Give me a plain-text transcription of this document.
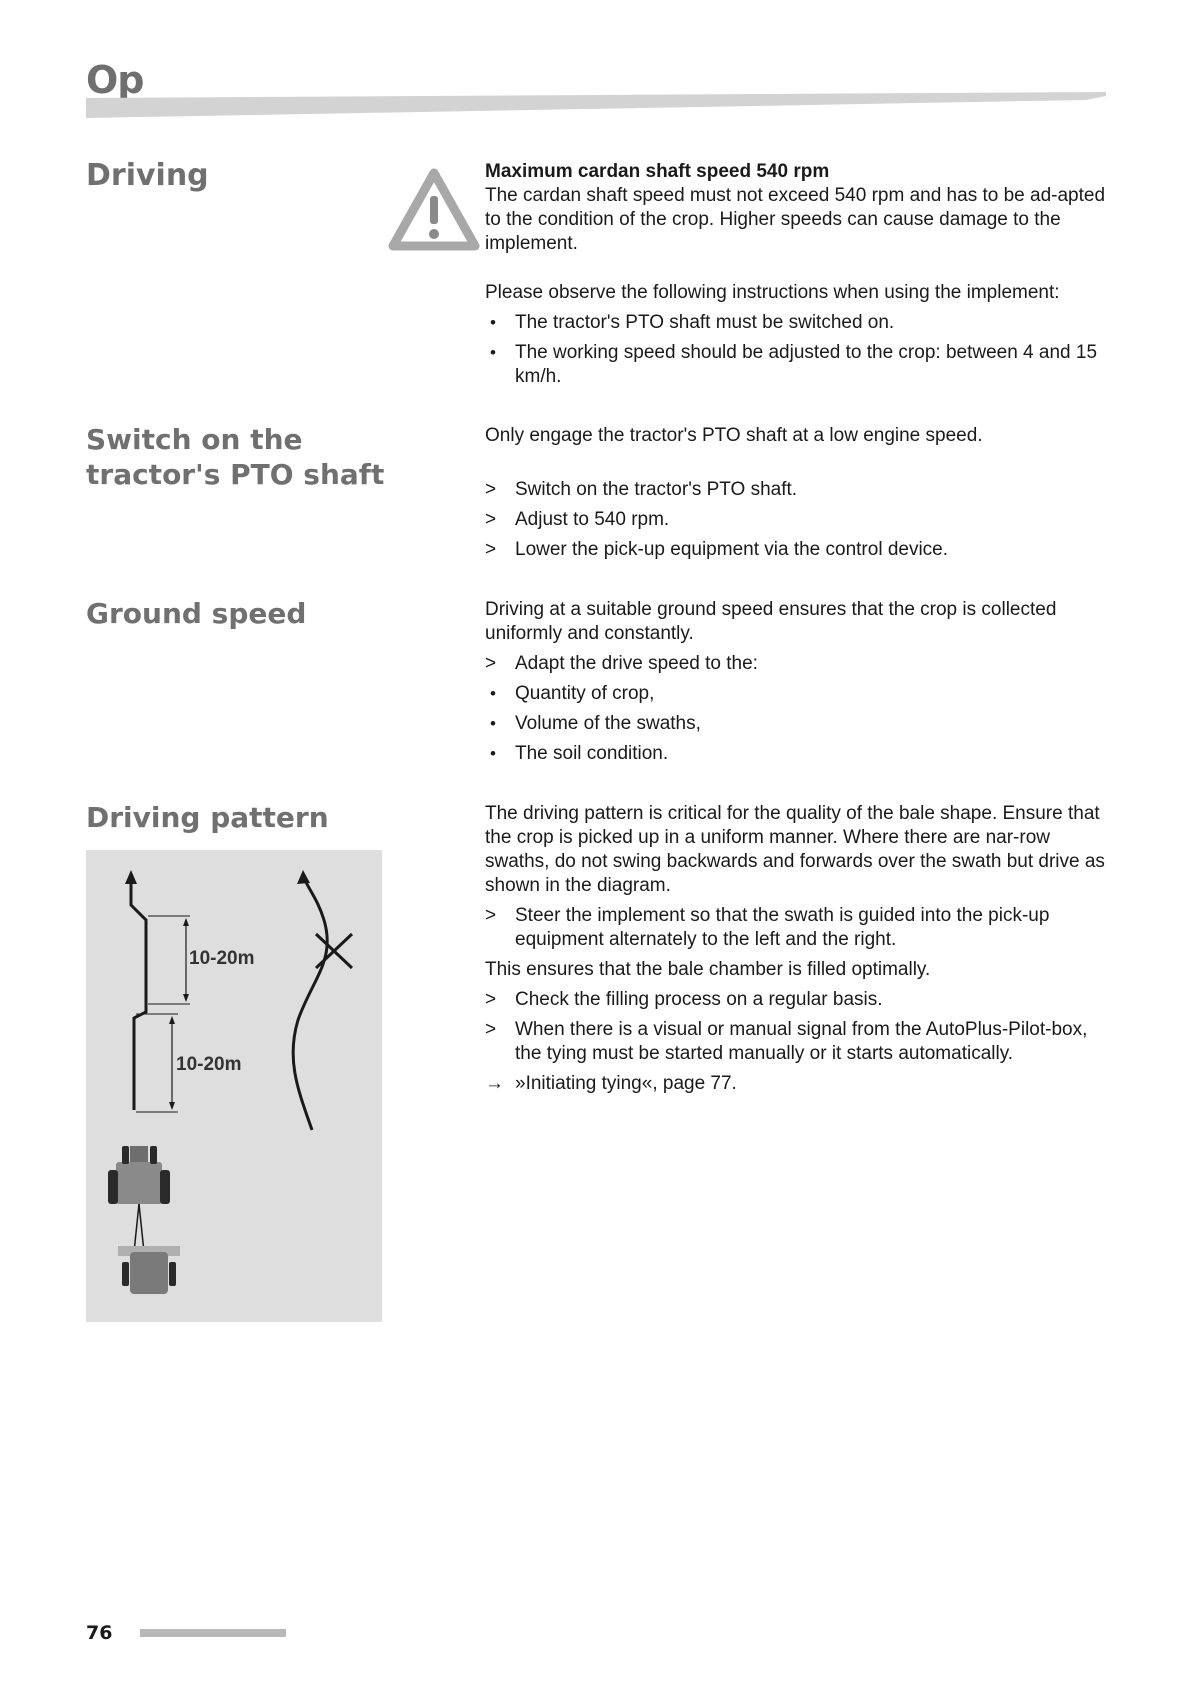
Op
Driving	Maximum cardan shaft speed 540 rpm
The cardan shaft speed must not exceed 540 rpm and has to be ad-apted to the condition of the crop. Higher speeds can cause damage to the implement.
Please observe the following instructions when using the implement:
•	The tractor's PTO shaft must be switched on.
•	The working speed should be adjusted to the crop: between 4 and 15 km/h.
Switch on the
tractor's PTO shaft
Only engage the tractor's PTO shaft at a low engine speed.
> Switch on the tractor's PTO shaft.
> Adjust to 540 rpm.
> Lower the pick-up equipment via the control device.
Ground speed	Driving at a suitable ground speed ensures that the crop is collected uniformly and constantly.
> Adapt the drive speed to the:
•	Quantity of crop,
•	Volume of the swaths,
•	The soil condition.
Driving pattern	The driving pattern is critical for the quality of the bale shape. Ensure that the crop is picked up in a uniform manner. Where there are nar-row swaths, do not swing backwards and forwards over the swath but drive as shown in the diagram.
> Steer the implement so that the swath is guided into the pick-up equipment alternately to the left and the right.
This ensures that the bale chamber is filled optimally.
> Check the filling process on a regular basis.
> When there is a visual or manual signal from the AutoPlus-Pilot-box, the tying must be started manually or it starts automatically.
→ »Initiating tying«, page 77.
10-20m
10-20m
76
